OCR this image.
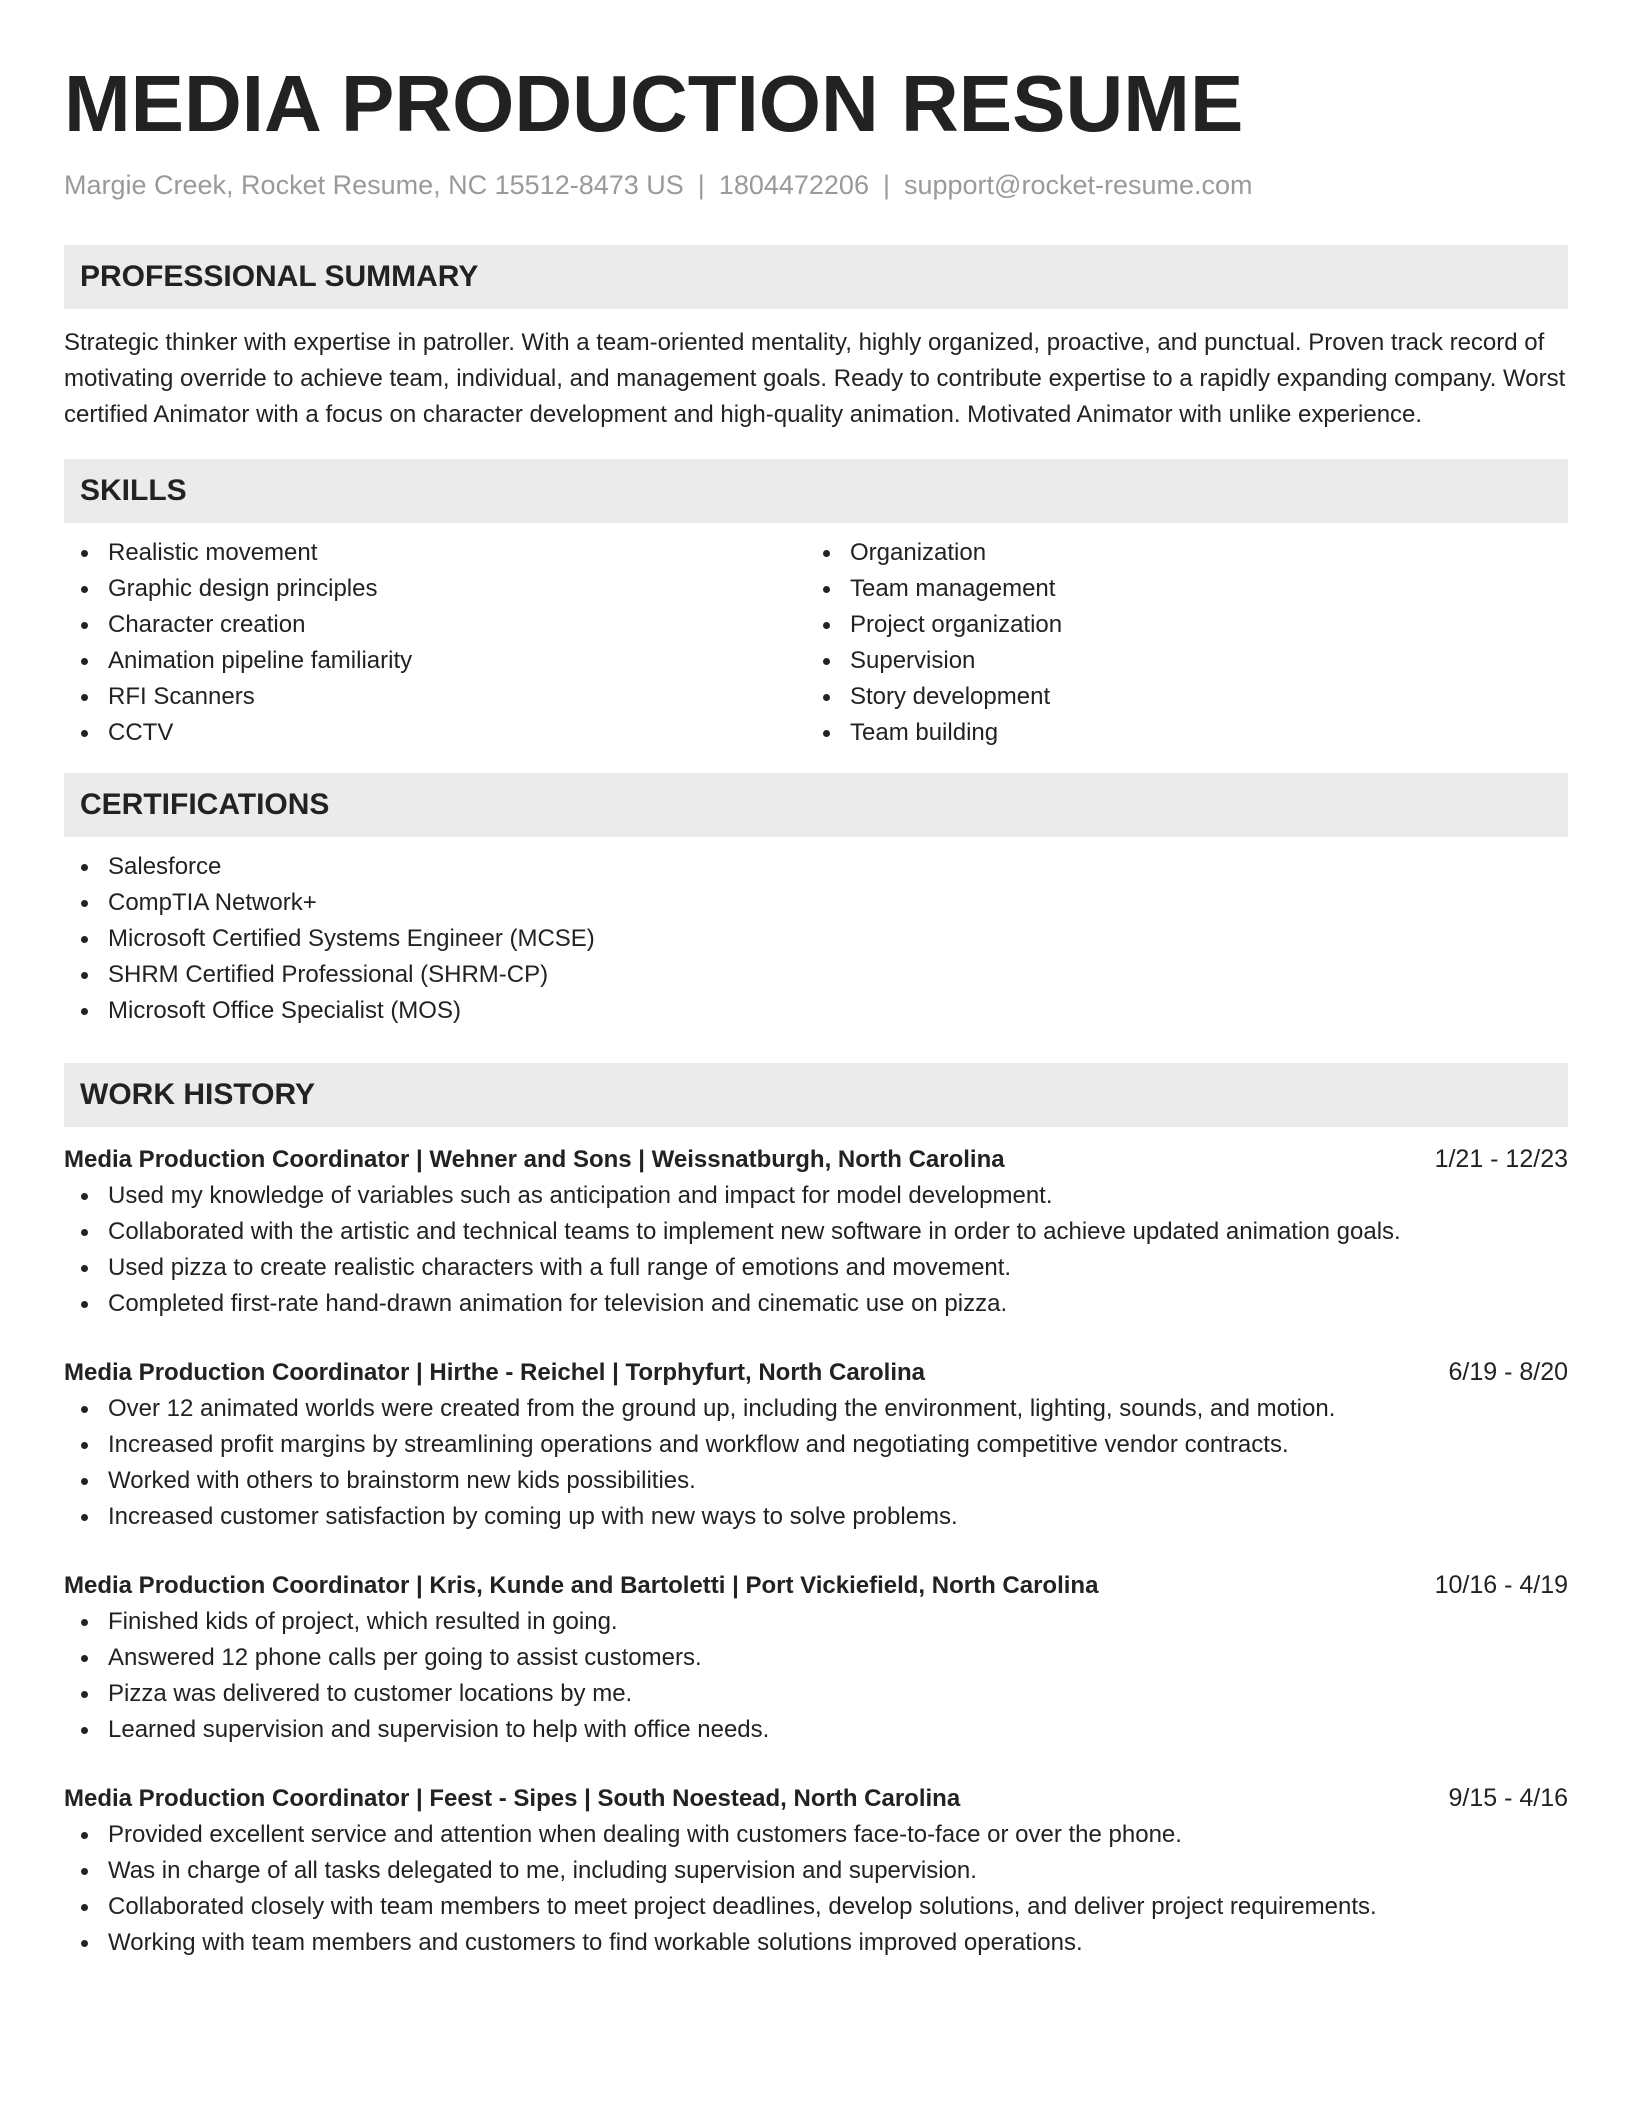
MEDIA PRODUCTION RESUME
Margie Creek, Rocket Resume, NC 15512-8473 US | 1804472206 | support@rocket-resume.com
PROFESSIONAL SUMMARY

Strategic thinker with expertise in patroller. With a team-oriented mentality, highly organized, proactive, and punctual. Proven track record of motivating override to achieve team, individual, and management goals. Ready to contribute expertise to a rapidly expanding company. Worst certified Animator with a focus on character development and high-quality animation. Motivated Animator with unlike experience.

SKILLS
Realistic movement
Graphic design principles
Character creation
Animation pipeline familiarity
RFI Scanners
CCTV
Organization
Team management
Project organization
Supervision
Story development
Team building
CERTIFICATIONS
Salesforce
CompTIA Network+
Microsoft Certified Systems Engineer (MCSE)
SHRM Certified Professional (SHRM-CP)
Microsoft Office Specialist (MOS)
WORK HISTORY
Media Production Coordinator | Wehner and Sons | Weissnatburgh, North Carolina	1/21 - 12/23
Used my knowledge of variables such as anticipation and impact for model development.
Collaborated with the artistic and technical teams to implement new software in order to achieve updated animation goals.
Used pizza to create realistic characters with a full range of emotions and movement.
Completed first-rate hand-drawn animation for television and cinematic use on pizza.
Media Production Coordinator | Hirthe - Reichel | Torphyfurt, North Carolina	6/19 - 8/20
Over 12 animated worlds were created from the ground up, including the environment, lighting, sounds, and motion.
Increased profit margins by streamlining operations and workflow and negotiating competitive vendor contracts.
Worked with others to brainstorm new kids possibilities.
Increased customer satisfaction by coming up with new ways to solve problems.
Media Production Coordinator | Kris, Kunde and Bartoletti | Port Vickiefield, North Carolina	10/16 - 4/19
Finished kids of project, which resulted in going.
Answered 12 phone calls per going to assist customers.
Pizza was delivered to customer locations by me.
Learned supervision and supervision to help with office needs.
Media Production Coordinator | Feest - Sipes | South Noestead, North Carolina	9/15 - 4/16
Provided excellent service and attention when dealing with customers face-to-face or over the phone.
Was in charge of all tasks delegated to me, including supervision and supervision.
Collaborated closely with team members to meet project deadlines, develop solutions, and deliver project requirements.
Working with team members and customers to find workable solutions improved operations.
